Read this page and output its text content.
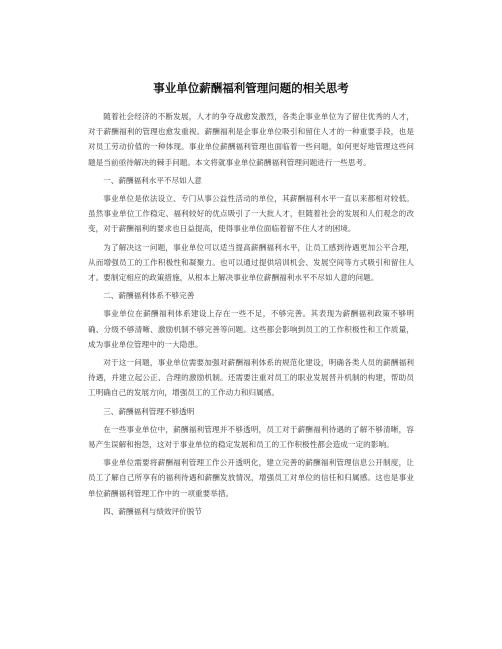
事业单位薪酬福利管理问题的相关思考

随着社会经济的不断发展，人才的争夺战愈发激烈，各类企事业单位为了留住优秀的人才，对于薪酬福利的管理也愈发重视。薪酬福利是企事业单位吸引和留住人才的一种重要手段，也是对员工劳动价值的一种体现。事业单位薪酬福利管理也面临着一些问题，如何更好地管理这些问题是当前亟待解决的棘手问题。本文将就事业单位薪酬福利管理问题进行一些思考。

一、薪酬福利水平不尽如人意

事业单位是依法设立、专门从事公益性活动的单位，其薪酬福利水平一直以来都相对较低。虽然事业单位工作稳定、福利较好的优点吸引了一大批人才，但随着社会的发展和人们观念的改变，对于薪酬福利的要求也日益提高，使得事业单位面临着留不住人才的困境。

为了解决这一问题，事业单位可以适当提高薪酬福利水平，让员工感到待遇更加公平合理，从而增强员工的工作积极性和凝聚力。也可以通过提供培训机会、发展空间等方式吸引和留住人才。要制定相应的政策措施，从根本上解决事业单位薪酬福利水平不尽如人意的问题。

二、薪酬福利体系不够完善

事业单位在薪酬福利体系建设上存在一些不足，不够完善。其表现为薪酬福利政策不够明确、分级不够清晰、激励机制不够完善等问题。这些都会影响到员工的工作积极性和工作质量，成为事业单位管理中的一大隐患。

对于这一问题，事业单位需要加强对薪酬福利体系的规范化建设，明确各类人员的薪酬福利待遇，并建立起公正、合理的激励机制。还需要注重对员工的职业发展晋升机制的构建，帮助员工明确自己的发展方向，增强员工的工作动力和归属感。

三、薪酬福利管理不够透明

在一些事业单位中，薪酬福利管理并不够透明，员工对于薪酬福利待遇的了解不够清晰，容易产生误解和抱怨，这对于事业单位的稳定发展和员工的工作积极性都会造成一定的影响。

事业单位需要将薪酬福利管理工作公开透明化，建立完善的薪酬福利管理信息公开制度，让员工了解自己所享有的福利待遇和薪酬发放情况，增强员工对单位的信任和归属感。这也是事业单位薪酬福利管理工作中的一项重要举措。

四、薪酬福利与绩效评价脱节
